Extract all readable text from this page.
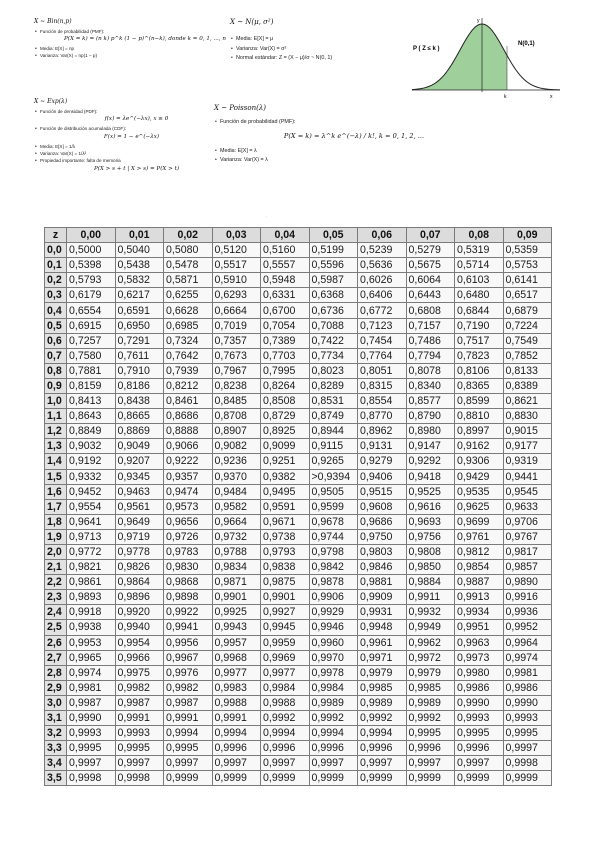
X ~ Bin(n,p)
• Función de probabilidad (PMF):
P(X = k) = (n k) p^k (1 − p)^(n−k), donde k = 0, 1, ..., n
• Media: E[X] = np
• Varianza: Var(X) = np(1 − p)
X ~ N(μ, σ²)
• Media: E[X] = μ
• Varianza: Var(X) = σ²
• Normal estándar: Z = (X − μ)/σ ~ N(0, 1)
y
P ( Z ≤ k )
N(0,1)
k	x
X ~ Exp(λ)
• Función de densidad (PDF):
f(x) = λe^(−λx), x ≥ 0
• Función de distribución acumulada (CDF):
F(x) = 1 − e^(−λx)
• Media: E[X] = 1/λ
• Varianza: Var(X) = 1/λ²
• Propiedad importante: falta de memoria
P(X > s + t | X > s) = P(X > t)
X ~ Poisson(λ)
• Función de probabilidad (PMF):
P(X = k) = λ^k e^(−λ) / k!, k = 0, 1, 2, ...
• Media: E[X] = λ
• Varianza: Var(X) = λ
.
z	0,00	0,01	0,02	0,03	0,04	0,05	0,06	0,07	0,08	0,09
0,0	0,5000	0,5040	0,5080	0,5120	0,5160	0,5199	0,5239	0,5279	0,5319	0,5359
0,1	0,5398	0,5438	0,5478	0,5517	0,5557	0,5596	0,5636	0,5675	0,5714	0,5753
0,2	0,5793	0,5832	0,5871	0,5910	0,5948	0,5987	0,6026	0,6064	0,6103	0,6141
0,3	0,6179	0,6217	0,6255	0,6293	0,6331	0,6368	0,6406	0,6443	0,6480	0,6517
0,4	0,6554	0,6591	0,6628	0,6664	0,6700	0,6736	0,6772	0,6808	0,6844	0,6879
0,5	0,6915	0,6950	0,6985	0,7019	0,7054	0,7088	0,7123	0,7157	0,7190	0,7224
0,6	0,7257	0,7291	0,7324	0,7357	0,7389	0,7422	0,7454	0,7486	0,7517	0,7549
0,7	0,7580	0,7611	0,7642	0,7673	0,7703	0,7734	0,7764	0,7794	0,7823	0,7852
0,8	0,7881	0,7910	0,7939	0,7967	0,7995	0,8023	0,8051	0,8078	0,8106	0,8133
0,9	0,8159	0,8186	0,8212	0,8238	0,8264	0,8289	0,8315	0,8340	0,8365	0,8389
1,0	0,8413	0,8438	0,8461	0,8485	0,8508	0,8531	0,8554	0,8577	0,8599	0,8621
1,1	0,8643	0,8665	0,8686	0,8708	0,8729	0,8749	0,8770	0,8790	0,8810	0,8830
1,2	0,8849	0,8869	0,8888	0,8907	0,8925	0,8944	0,8962	0,8980	0,8997	0,9015
1,3	0,9032	0,9049	0,9066	0,9082	0,9099	0,9115	0,9131	0,9147	0,9162	0,9177
1,4	0,9192	0,9207	0,9222	0,9236	0,9251	0,9265	0,9279	0,9292	0,9306	0,9319
1,5	0,9332	0,9345	0,9357	0,9370	0,9382	>0,9394	0,9406	0,9418	0,9429	0,9441
1,6	0,9452	0,9463	0,9474	0,9484	0,9495	0,9505	0,9515	0,9525	0,9535	0,9545
1,7	0,9554	0,9561	0,9573	0,9582	0,9591	0,9599	0,9608	0,9616	0,9625	0,9633
1,8	0,9641	0,9649	0,9656	0,9664	0,9671	0,9678	0,9686	0,9693	0,9699	0,9706
1,9	0,9713	0,9719	0,9726	0,9732	0,9738	0,9744	0,9750	0,9756	0,9761	0,9767
2,0	0,9772	0,9778	0,9783	0,9788	0,9793	0,9798	0,9803	0,9808	0,9812	0,9817
2,1	0,9821	0,9826	0,9830	0,9834	0,9838	0,9842	0,9846	0,9850	0,9854	0,9857
2,2	0,9861	0,9864	0,9868	0,9871	0,9875	0,9878	0,9881	0,9884	0,9887	0,9890
2,3	0,9893	0,9896	0,9898	0,9901	0,9901	0,9906	0,9909	0,9911	0,9913	0,9916
2,4	0,9918	0,9920	0,9922	0,9925	0,9927	0,9929	0,9931	0,9932	0,9934	0,9936
2,5	0,9938	0,9940	0,9941	0,9943	0,9945	0,9946	0,9948	0,9949	0,9951	0,9952
2,6	0,9953	0,9954	0,9956	0,9957	0,9959	0,9960	0,9961	0,9962	0,9963	0,9964
2,7	0,9965	0,9966	0,9967	0,9968	0,9969	0,9970	0,9971	0,9972	0,9973	0,9974
2,8	0,9974	0,9975	0,9976	0,9977	0,9977	0,9978	0,9979	0,9979	0,9980	0,9981
2,9	0,9981	0,9982	0,9982	0,9983	0,9984	0,9984	0,9985	0,9985	0,9986	0,9986
3,0	0,9987	0,9987	0,9987	0,9988	0,9988	0,9989	0,9989	0,9989	0,9990	0,9990
3,1	0,9990	0,9991	0,9991	0,9991	0,9992	0,9992	0,9992	0,9992	0,9993	0,9993
3,2	0,9993	0,9993	0,9994	0,9994	0,9994	0,9994	0,9994	0,9995	0,9995	0,9995
3,3	0,9995	0,9995	0,9995	0,9996	0,9996	0,9996	0,9996	0,9996	0,9996	0,9997
3,4	0,9997	0,9997	0,9997	0,9997	0,9997	0,9997	0,9997	0,9997	0,9997	0,9998
3,5	0,9998	0,9998	0,9999	0,9999	0,9999	0,9999	0,9999	0,9999	0,9999	0,9999
